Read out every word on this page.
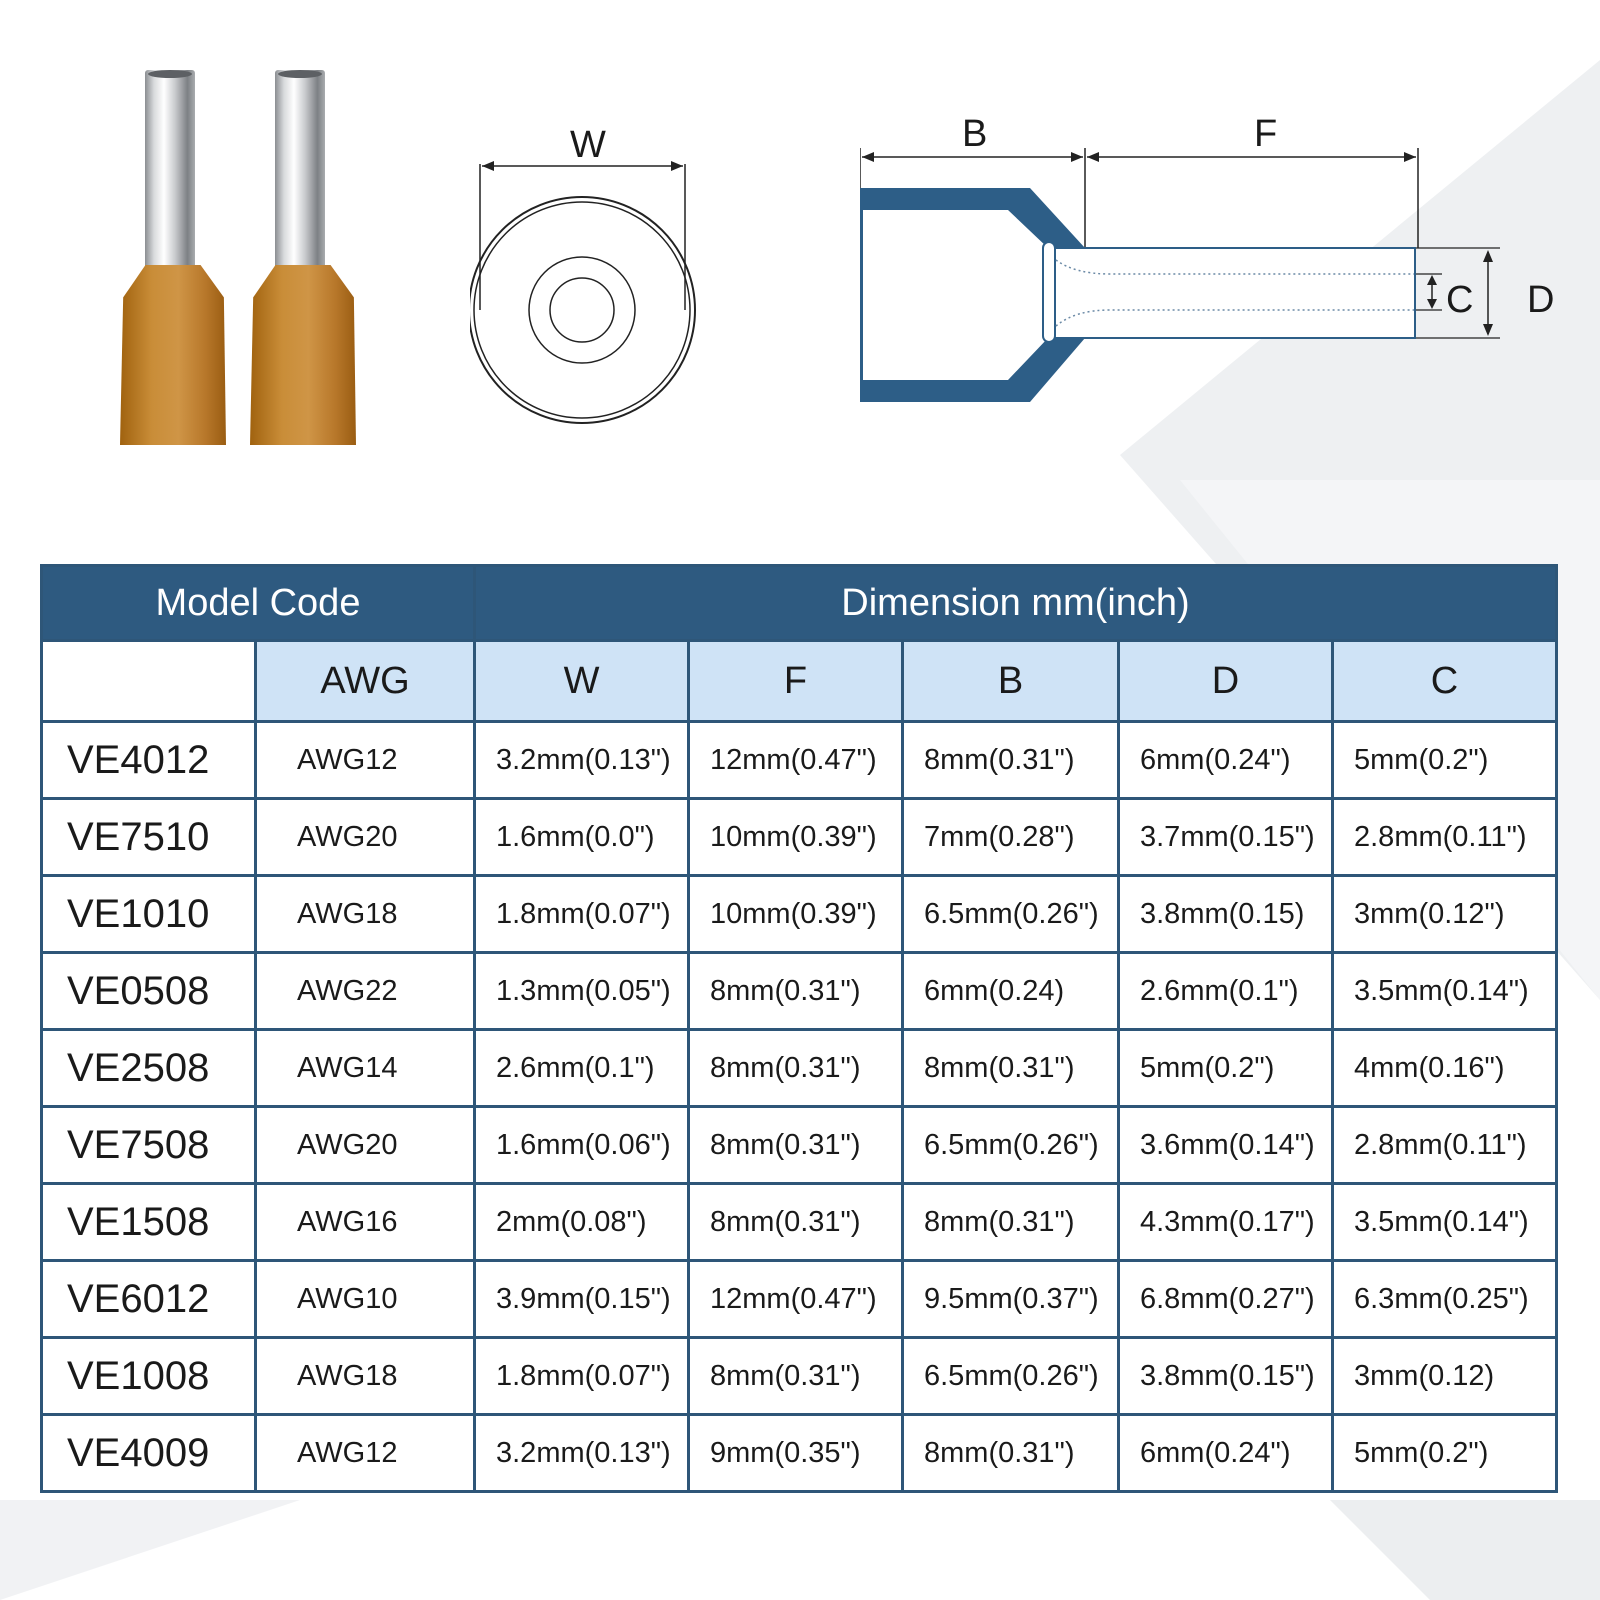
W	B	F
C D
Model Code		Dimension mm(inch)				
	AWG	W	F	B	D	C
VE4012	AWG12	3.2mm(0.13")	12mm(0.47")	8mm(0.31")	6mm(0.24")	5mm(0.2")
VE7510	AWG20	1.6mm(0.0")	10mm(0.39")	7mm(0.28")	3.7mm(0.15")	2.8mm(0.11")
VE1010	AWG18	1.8mm(0.07")	10mm(0.39")	6.5mm(0.26")	3.8mm(0.15)	3mm(0.12")
VE0508	AWG22	1.3mm(0.05")	8mm(0.31")	6mm(0.24)	2.6mm(0.1")	3.5mm(0.14")
VE2508	AWG14	2.6mm(0.1")	8mm(0.31")	8mm(0.31")	5mm(0.2")	4mm(0.16")
VE7508	AWG20	1.6mm(0.06")	8mm(0.31")	6.5mm(0.26")	3.6mm(0.14")	2.8mm(0.11")
VE1508	AWG16	2mm(0.08")	8mm(0.31")	8mm(0.31")	4.3mm(0.17")	3.5mm(0.14")
VE6012	AWG10	3.9mm(0.15")	12mm(0.47")	9.5mm(0.37")	6.8mm(0.27")	6.3mm(0.25")
VE1008	AWG18	1.8mm(0.07")	8mm(0.31")	6.5mm(0.26")	3.8mm(0.15")	3mm(0.12)
VE4009	AWG12	3.2mm(0.13")	9mm(0.35")	8mm(0.31")	6mm(0.24")	5mm(0.2")
